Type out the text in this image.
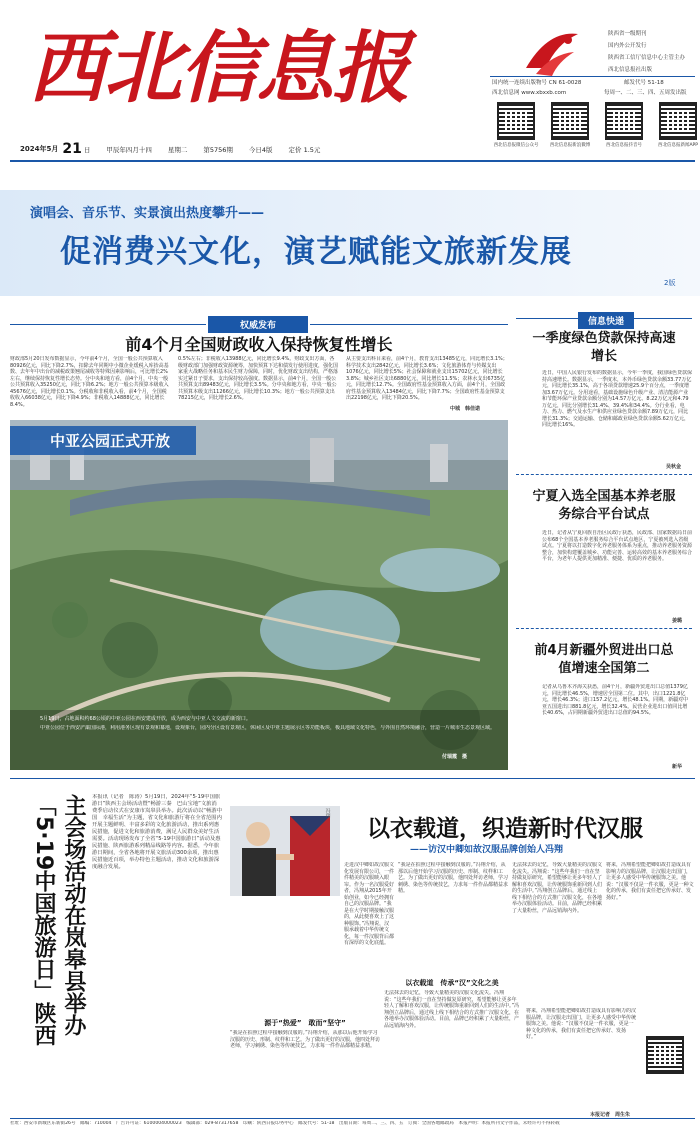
西北信息报	陕西省一级期刊
国内外公开发行
陕西省工信厅信息中心主管主办
西北信息报社出版
国内统一连续出版物号 CN 61-0028	邮发代号 51-18
西北信息网 www.xbxxb.com	每周一、二、三、四、五周发出版
西北信息报微信公众号	西北信息报新浪微博	西北信息报抖音号	西北信息报新闻APP
2024年5月 21 日 甲辰年四月十四 星期二 第5756期 今日4版 定价 1.5元
演唱会、音乐节、实景演出热度攀升——
促消费兴文化，演艺赋能文旅新发展
2版
权威发布
前4个月全国财政收入保持恢复性增长
财政部5月20日发布数据显示，今年前4个月，全国一般公共预算收入80926亿元，同比下降2.7%，扣除去年同期中小微企业缓税入库抬高基数、去年年中出台的减税政策翘尾减收等特殊因素影响后，可比增长2%左右，继续保持恢复性增长态势。分中央和地方看，前4个月，中央一般公共预算收入35250亿元，同比下降6.2%；地方一般公共预算本级收入45676亿元，同比增长0.1%。分税收和非税收入看，前4个月，全国税收收入66038亿元，同比下降4.9%；非税收入14888亿元，同比增长8.4%。
0.5%左右；非税收入13988亿元，同比增长9.4%。财政支出方面，各级财政部门加强财政资源统筹，加快预算下达和债发行使用进度，强化国家重大战略任务和基本民生财力保障，同时，优化财政支出结构，严格落实过紧日子要求，支出保持较高强度。数据显示，前4个月，全国一般公共预算支出89483亿元，同比增长3.5%。分中央和地方看，中央一般公共预算本级支出11266亿元，同比增长10.3%；地方一般公共预算支出78215亿元，同比增长2.6%。
从主要支出科目来看，前4个月，教育支出13485亿元，同比增长3.1%；科学技术支出2842亿元，同比增长3.6%；文化旅游体育与传媒支出1076亿元，同比增长5%；社会保障和就业支出15702亿元，同比增长3.8%；城乡社区支出6880亿元，同比增长11.5%；农林水支出6735亿元，同比增长12.7%。全国政府性基金预算收入方面，前4个月，全国政府性基金预算收入13484亿元，同比下降7.7%；全国政府性基金预算支出22198亿元，同比下降20.5%。
中城　韩佳诺
中亚公园正式开放
5月19日，占地面积约68公顷的中亚公园在西安建成开放，成为西安与中亚人文交流的新窗口。
中亚公园位于西安浐灞国际港，利用港务区现有景观和幕地，设观象台，园内分区设有景观区，休闲区及中亚主题展示区等功能板块，极具地域文化特色，与外围自然环境融合，营造一片城市生态景观区域。
付瑞霞　摄
信息快递
一季度绿色贷款保持高速增长
近日，中国人民银行发布的数据显示，今年一季度，我国绿色贷款保持高速增长。数据显示，一季度末，本外币绿色贷款余额33.77万亿元，同比增长35.1%，高于各项贷款增速25.9个百分点，一季度增加3.67万亿元。分用途看，基础设施绿色升级产业、清洁能源产业和节能环保产业贷款余额分别为14.57万亿元、8.22万亿元和4.79万亿元，同比分别增长31.4%、39.4%和34.4%。分行业看，电力、热力、燃气及水生产和供应业绿色贷款余额7.89万亿元，同比增长31.3%；交通运输、仓储和邮政业绿色贷款余额5.62万亿元，同比增长16%。
吴秋金
宁夏入选全国基本养老服务综合平台试点
近日，记者从宁夏回族自治区民政厅获悉，民政部、国家数据局日前公布68个全国基本养老服务综合平台试点地区，宁夏被列选入省级试点。宁夏将以打造数字化养老服务体系为重点，推动养老服务资源整合，加快构建覆盖城乡、功能完善、运转高效的基本养老服务综合平台，为老年人提供更加精准、便捷、优质的养老服务。
姜璐
前4月新疆外贸进出口总值增速全国第二
记者从乌鲁木齐海关获悉，前4个月，新疆外贸进出口总值1379亿元，同比增长46.5%，增速居全国第二位。其中，出口1221.8亿元，增长46.3%；进口157.2亿元，增长48.1%。同期，新疆对中亚五国进出口881.8亿元，增长32.4%。民营企业进出口值同比增长40.6%，占同期新疆外贸进出口总值的94.5%。
新华
主会场活动在岚皋县举办　「5·19中国旅游日」陕西	本报讯（记者　陈涛）5月19日，2024年“5·19中国旅游日”陕西主会场活动暨“畅游三秦　巴山宝地”文旅消费季启动仪式在安康市岚皋县举办。此次活动以“畅游中国　幸福生活”为主题，省文化和旅游厅将在全省范围内开展主题鲜明、丰富多彩的文化旅游活动，推出系列惠民措施，促进文化和旅游消费，满足人民群众美好生活需要。活动现场发布了全省“5·19中国旅游日”活动及惠民措施、陕西旅游系列精品线路等内容。据悉，今年旅游日期间，全省各地将开展文旅活动300余项，推出惠民措施近百项，举办特色主题活动，推动文化和旅游深度融合发展。
冯翔
以衣载道，织造新时代汉服
——访汉中卿如故汉服品牌创始人冯翔
走进汉中卿如故汉服文化发展有限公司，一件件精美的汉服映入眼帘。作为一名汉服爱好者，冯翔从2015年开始创业，如今已经拥有自己的汉服品牌。“我是在大学时期接触汉服的，从此便喜欢上了这种服饰。”冯翔说，汉服承载着中华传统文化，每一件汉服背后都有深厚的文化底蕴。
“我是在拍照过程中接触到汉服的。”冯翔介绍，从那以后他开始学习汉服的历史、形制、纹样和工艺。为了做出更好的汉服，他四处拜访老师，学习刺绣、染色等传统技艺，力求每一件作品都精益求精。
无法抹去的记忆，导致大量精美的汉服文化流失。冯翔说：“这些年我们一直在坚持做复原研究，希望能够让更多年轻人了解和喜欢汉服，让传统服饰重新回到人们的生活中。”冯翔创立品牌后，通过线上线下相结合的方式推广汉服文化，在各地举办汉服体验活动。目前，品牌已经积累了大量粉丝，产品远销海内外。
将来，冯翔希望能把卿如故打造成具有影响力的汉服品牌，让汉服走出国门，让更多人感受中华传统服饰之美。他说：“汉服不仅是一件衣服，更是一种文化的传承，我们有责任把它传承好、发扬好。”
源于“热爱”　敢而“坚守”
“我是在拍照过程中接触到汉服的。”冯翔介绍，从那以后他开始学习汉服的历史、形制、纹样和工艺。为了做出更好的汉服，他四处拜访老师，学习刺绣、染色等传统技艺，力求每一件作品都精益求精。
以衣载道　传承“汉”文化之美
无法抹去的记忆，导致大量精美的汉服文化流失。冯翔说：“这些年我们一直在坚持做复原研究，希望能够让更多年轻人了解和喜欢汉服，让传统服饰重新回到人们的生活中。”冯翔创立品牌后，通过线上线下相结合的方式推广汉服文化，在各地举办汉服体验活动。目前，品牌已经积累了大量粉丝，产品远销海内外。
将来，冯翔希望能把卿如故打造成具有影响力的汉服品牌，让汉服走出国门，让更多人感受中华传统服饰之美。他说：“汉服不仅是一件衣服，更是一种文化的传承，我们有责任把它传承好、发扬好。”
本报记者　周生朱
社址：西安市新城区东新街26号　邮编：710004　广告许可证：6100004000023　编辑部：029-87317658　印刷：陕西日报印务中心　邮发代号：51-18　出版日期：每周二、三、四、五　订阅：全国各地邮政局　本报声明：本报所刊文字作品，未经许可不得转载
